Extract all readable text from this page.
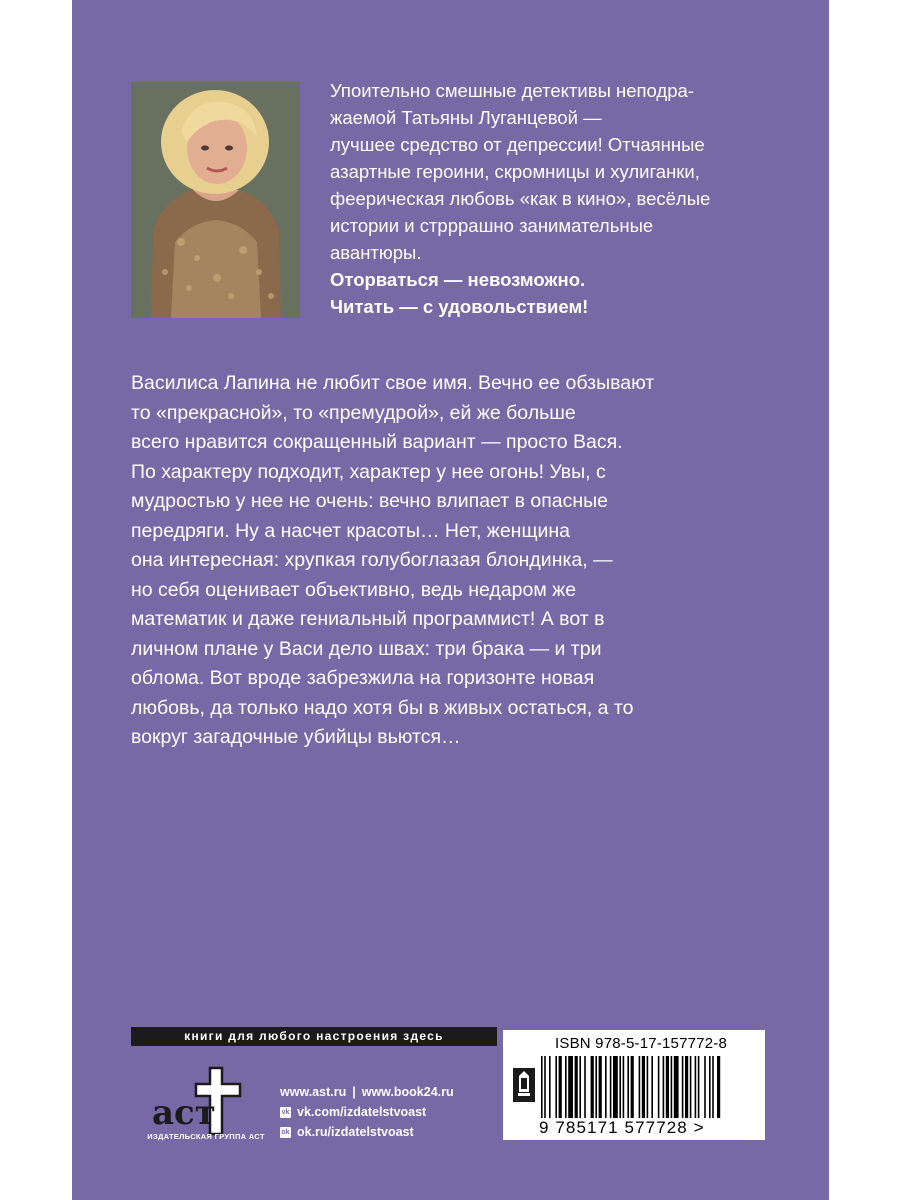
Упоительно смешные детективы неподра-

жаемой Татьяны Луганцевой —

лучшее средство от депрессии! Отчаянные

азартные героини, скромницы и хулиганки,

феерическая любовь «как в кино», весёлые

истории и стрррашно занимательные

авантюры.

Оторваться — невозможно.

Читать — с удовольствием!

Василиса Лапина не любит свое имя. Вечно ее обзывают

то «прекрасной», то «премудрой», ей же больше

всего нравится сокращенный вариант — просто Вася.

По характеру подходит, характер у нее огонь! Увы, с

мудростью у нее не очень: вечно влипает в опасные

передряги. Ну а насчет красоты… Нет, женщина

она интересная: хрупкая голубоглазая блондинка, —

но себя оценивает объективно, ведь недаром же

математик и даже гениальный программист! А вот в

личном плане у Васи дело швах: три брака — и три

облома. Вот вроде забрезжила на горизонте новая

любовь, да только надо хотя бы в живых остаться, а то

вокруг загадочные убийцы вьются…

книги для любого настроения здесь
аст
ИЗДАТЕЛЬСКАЯ ГРУППА АСТ
www.ast.ru | www.book24.ru
vk vk.com/izdatelstvoast
ok ok.ru/izdatelstvoast
ISBN 978-5-17-157772-8
9 785171 577728 >
